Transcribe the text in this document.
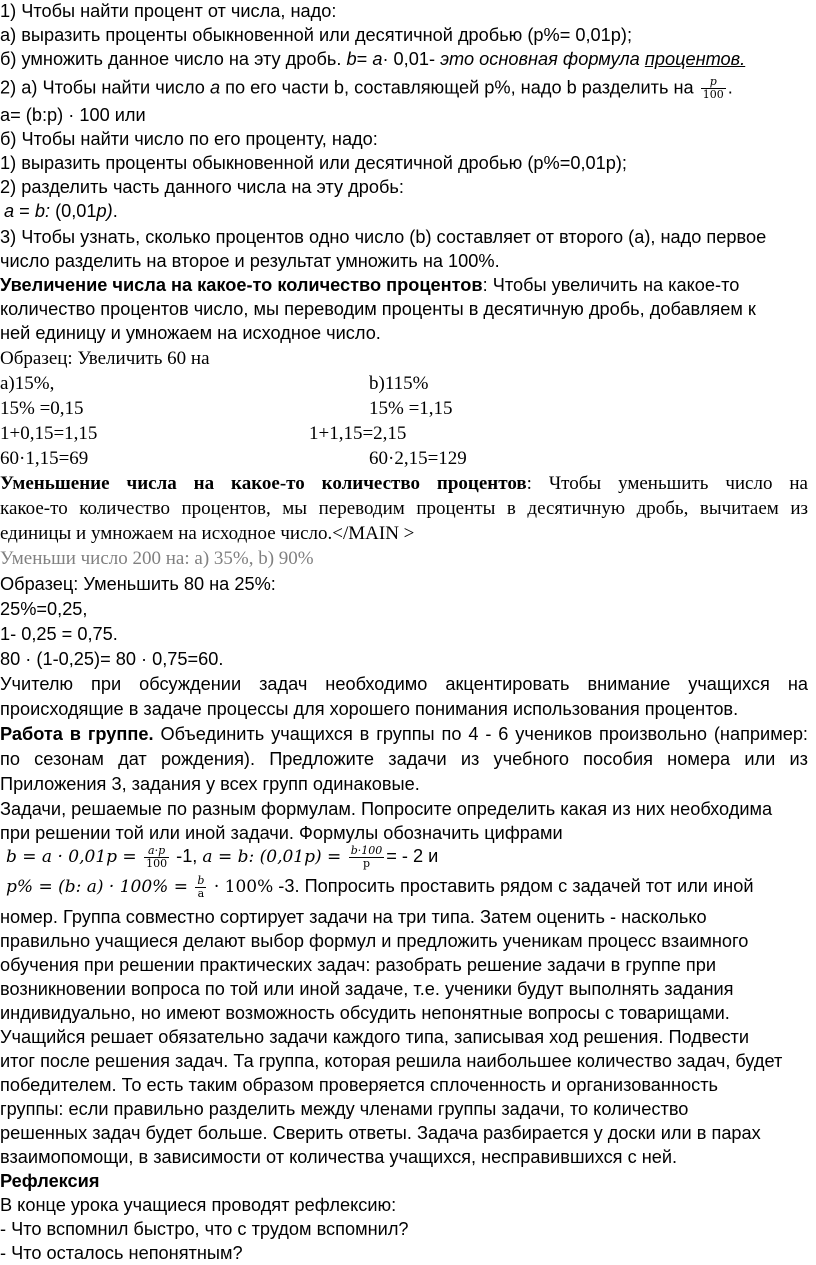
1) Чтобы найти процент от числа, надо:
а) выразить проценты обыкновенной или десятичной дробью (р%= 0,01р);
б) умножить данное число на эту дробь. b= a· 0,01- это основная формула процентов.
2) а) Чтобы найти число а по его части b, составляющей р%, надо b разделить на $\frac{p}{100}$ .
a= (b:p) · 100 или
б) Чтобы найти число по его проценту, надо:
1) выразить проценты обыкновенной или десятичной дробью (р%=0,01р);
2) разделить часть данного числа на эту дробь:
a = b: (0,01p).
3) Чтобы узнать, сколько процентов одно число (b) составляет от второго (а), надо первое
число разделить на второе и результат умножить на 100%.
Увеличение числа на какое-то количество процентов: Чтобы увеличить на какое-то
количество процентов число, мы переводим проценты в десятичную дробь, добавляем к
ней единицу и умножаем на исходное число.
Образец: Увеличить 60 на
а)15%,
15% =0,15
1+0,15=1,15
60·1,15=69
b)115%
15% =1,15
1+1,15=2,15
60·2,15=129
Уменьшение числа на какое-то количество процентов: Чтобы уменьшить число на
какое-то количество процентов, мы переводим проценты в десятичную дробь, вычитаем из
единицы и умножаем на исходное число.</MAIN >
Уменьши число 200 на: а) 35%, b) 90%
Образец: Уменьшить 80 на 25%:
25%=0,25,
1- 0,25 = 0,75.
80 · (1-0,25)= 80 · 0,75=60.
Учителю при обсуждении задач необходимо акцентировать внимание учащихся на
происходящие в задаче процессы для хорошего понимания использования процентов.
Работа в группе. Объединить учащихся в группы по 4 - 6 учеников произвольно (например:
по сезонам дат рождения). Предложите задачи из учебного пособия номера или из
Приложения 3, задания у всех групп одинаковые.
Задачи, решаемые по разным формулам. Попросите определить какая из них необходима
при решении той или иной задачи. Формулы обозначить цифрами
$b = a \cdot 0,01p = \frac{a\cdot p}{100} -1$, a = b: $(0,01p) = \frac{b\cdot 100}{p}$ = - 2 и
p% = (b: $a) \cdot 100\% = \frac{b}{a} \cdot 100\%$ -3. Попросить проставить рядом с задачей тот или иной
номер. Группа совместно сортирует задачи на три типа. Затем оценить - насколько
правильно учащиеся делают выбор формул и предложить ученикам процесс взаимного
обучения при решении практических задач: разобрать решение задачи в группе при
возникновении вопроса по той или иной задаче, т.е. ученики будут выполнять задания
индивидуально, но имеют возможность обсудить непонятные вопросы с товарищами.
Учащийся решает обязательно задачи каждого типа, записывая ход решения. Подвести
итог после решения задач. Та группа, которая решила наибольшее количество задач, будет
победителем. То есть таким образом проверяется сплоченность и организованность
группы: если правильно разделить между членами группы задачи, то количество
решенных задач будет больше. Сверить ответы. Задача разбирается у доски или в парах
взаимопомощи, в зависимости от количества учащихся, несправившихся с ней.
Рефлексия
В конце урока учащиеся проводят рефлексию:
- Что вспомнил быстро, что с трудом вспомнил?
- Что осталось непонятным?
